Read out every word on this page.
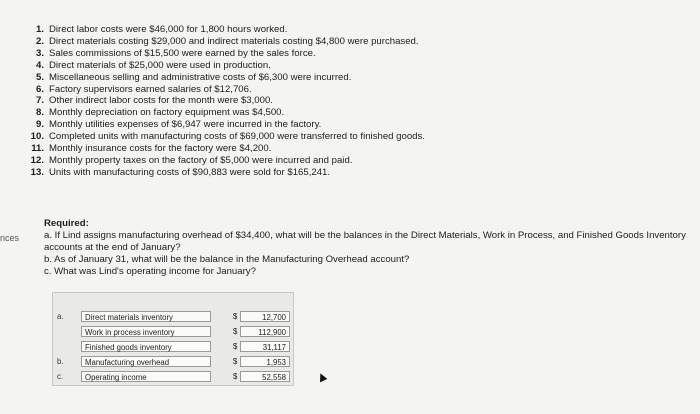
nces
1. Direct labor costs were $46,000 for 1,800 hours worked.
2. Direct materials costing $29,000 and indirect materials costing $4,800 were purchased.
3. Sales commissions of $15,500 were earned by the sales force.
4. Direct materials of $25,000 were used in production.
5. Miscellaneous selling and administrative costs of $6,300 were incurred.
6. Factory supervisors earned salaries of $12,706.
7. Other indirect labor costs for the month were $3,000.
8. Monthly depreciation on factory equipment was $4,500.
9. Monthly utilities expenses of $6,947 were incurred in the factory.
10. Completed units with manufacturing costs of $69,000 were transferred to finished goods.
11. Monthly insurance costs for the factory were $4,200.
12. Monthly property taxes on the factory of $5,000 were incurred and paid.
13. Units with manufacturing costs of $90,883 were sold for $165,241.

Required:

a. If Lind assigns manufacturing overhead of $34,400, what will be the balances in the Direct Materials, Work in Process, and Finished Goods Inventory accounts at the end of January?

b. As of January 31, what will be the balance in the Manufacturing Overhead account?

c. What was Lind's operating income for January?

a.	Direct materials inventory	$	12,700
Work in process inventory	$	112,900
Finished goods inventory	$	31,117
b.	Manufacturing overhead	$	1,953
c.	Operating income	$	52,558
